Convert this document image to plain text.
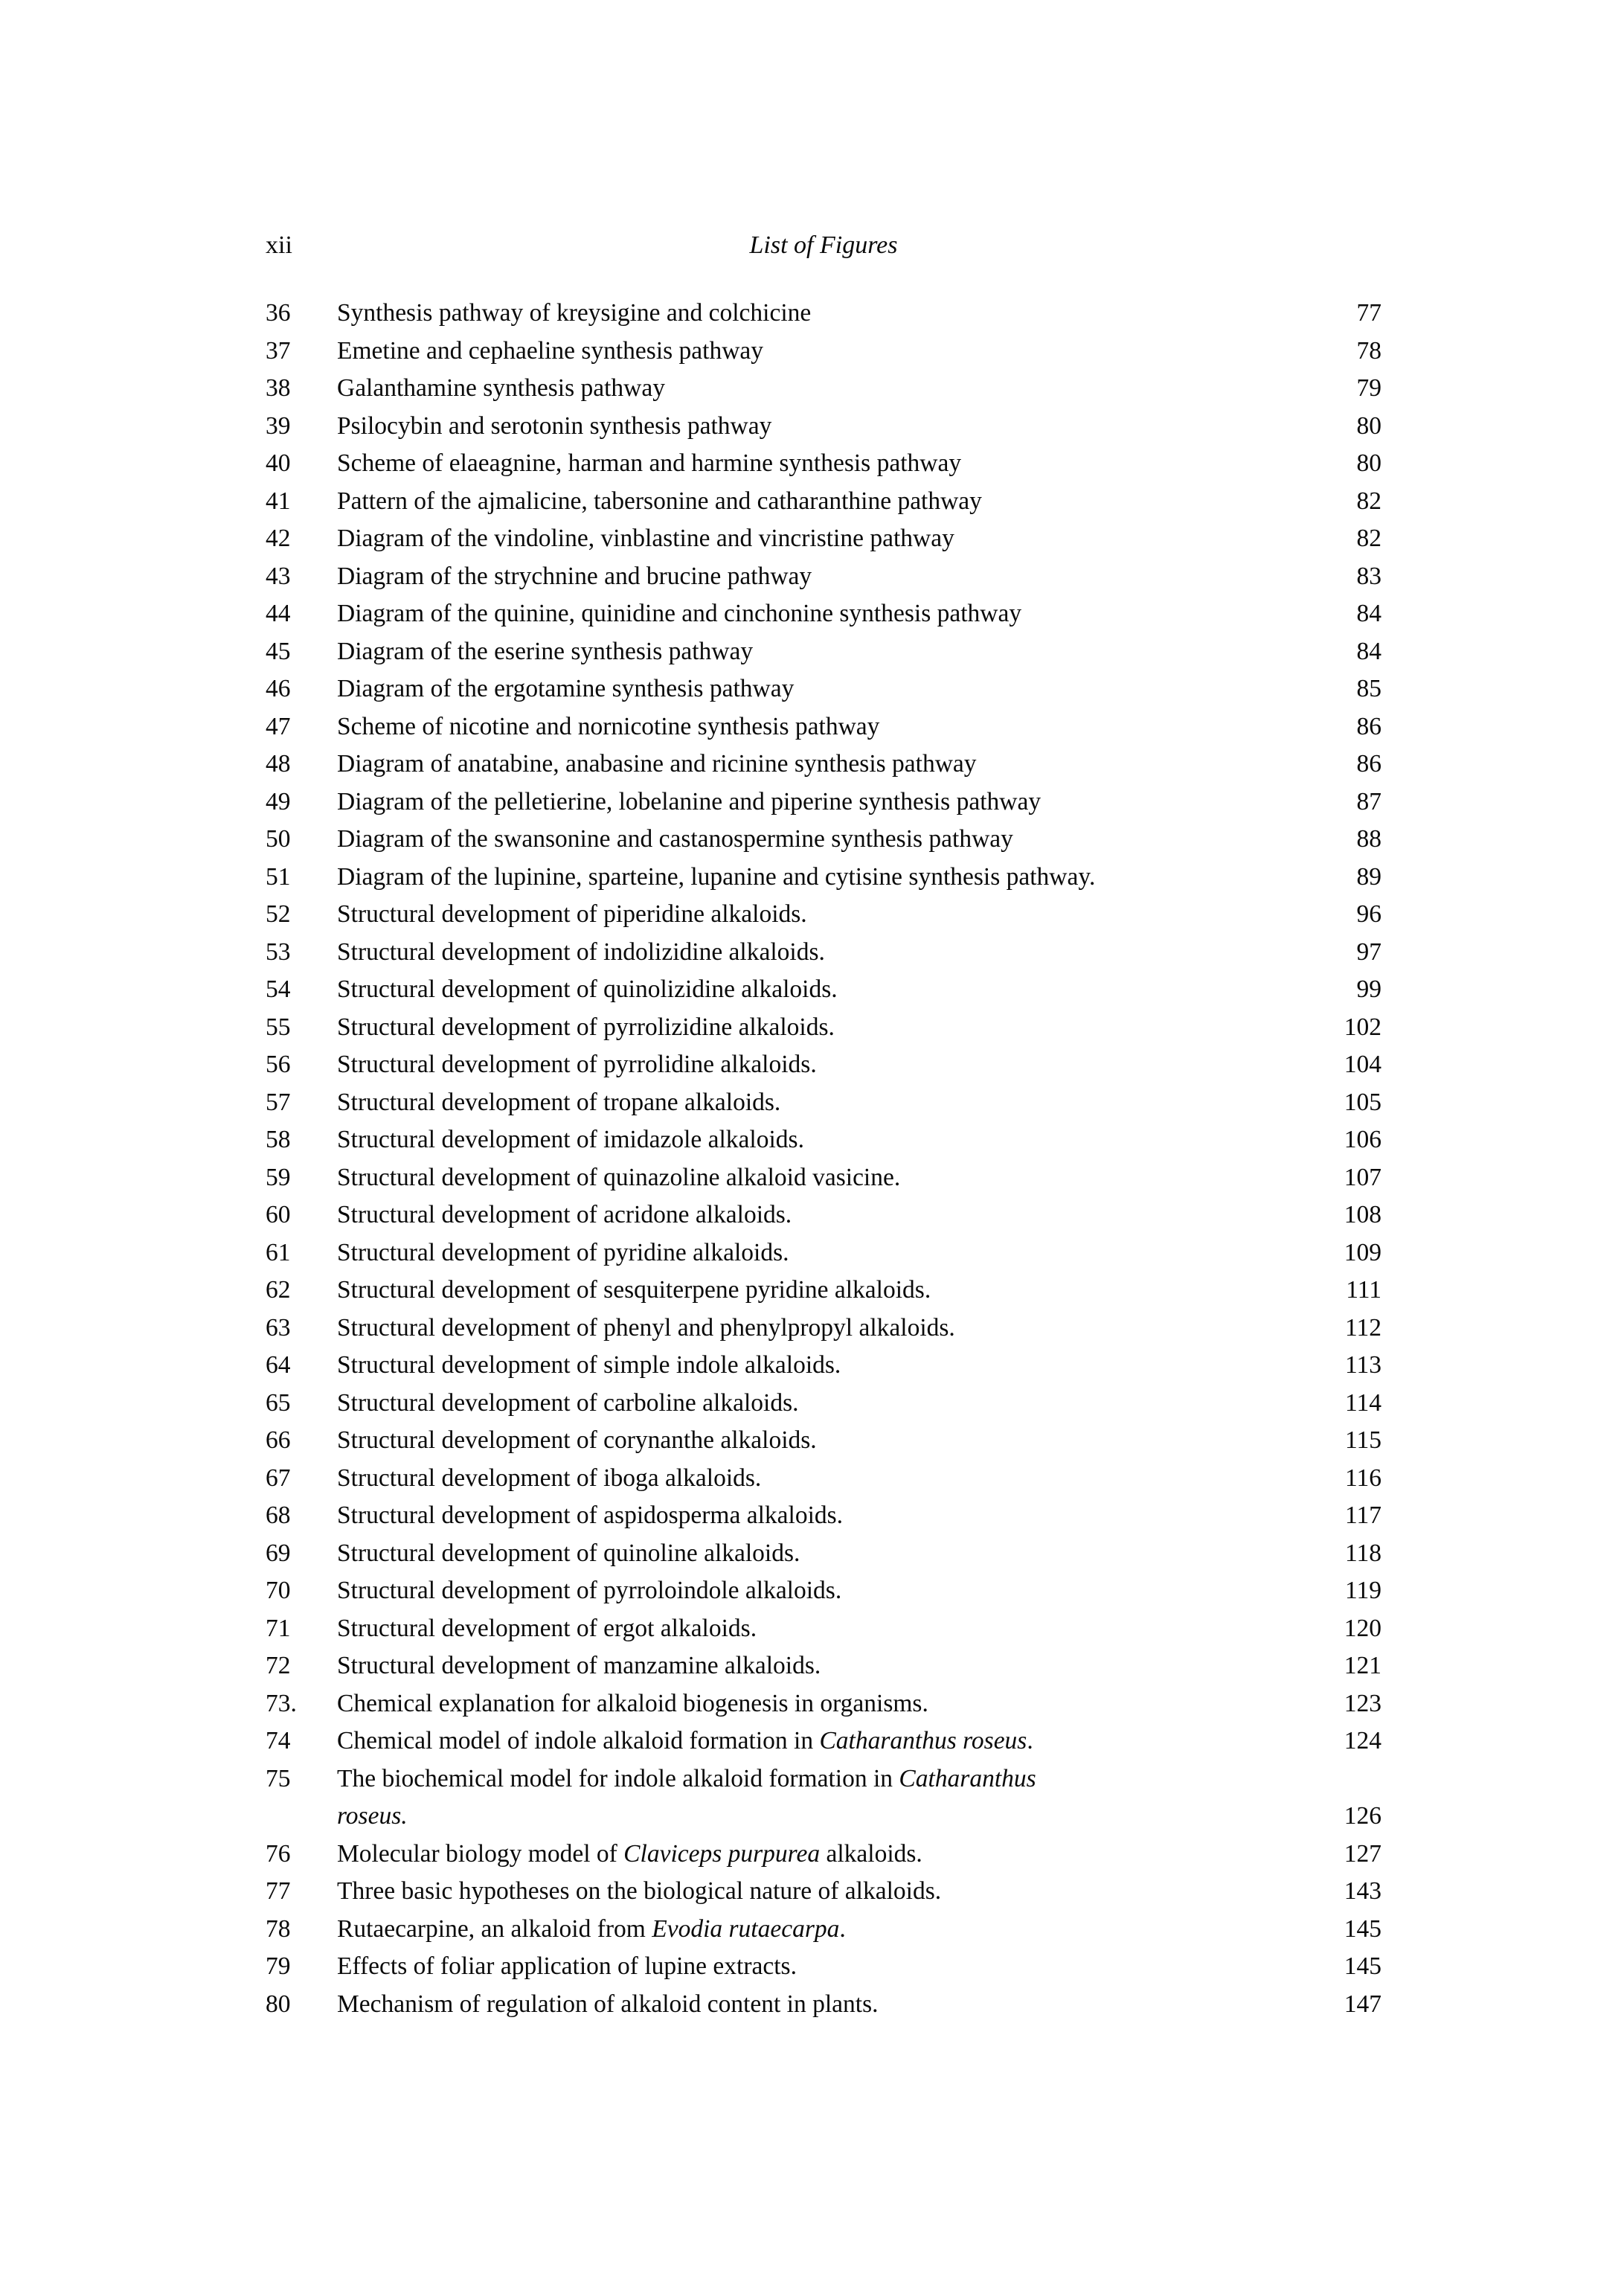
xii	List of Figures
36	Synthesis pathway of kreysigine and colchicine	77
37	Emetine and cephaeline synthesis pathway	78
38	Galanthamine synthesis pathway	79
39	Psilocybin and serotonin synthesis pathway	80
40	Scheme of elaeagnine, harman and harmine synthesis pathway	80
41	Pattern of the ajmalicine, tabersonine and catharanthine pathway	82
42	Diagram of the vindoline, vinblastine and vincristine pathway	82
43	Diagram of the strychnine and brucine pathway	83
44	Diagram of the quinine, quinidine and cinchonine synthesis pathway	84
45	Diagram of the eserine synthesis pathway	84
46	Diagram of the ergotamine synthesis pathway	85
47	Scheme of nicotine and nornicotine synthesis pathway	86
48	Diagram of anatabine, anabasine and ricinine synthesis pathway	86
49	Diagram of the pelletierine, lobelanine and piperine synthesis pathway	87
50	Diagram of the swansonine and castanospermine synthesis pathway	88
51	Diagram of the lupinine, sparteine, lupanine and cytisine synthesis pathway.	89
52	Structural development of piperidine alkaloids.	96
53	Structural development of indolizidine alkaloids.	97
54	Structural development of quinolizidine alkaloids.	99
55	Structural development of pyrrolizidine alkaloids.	102
56	Structural development of pyrrolidine alkaloids.	104
57	Structural development of tropane alkaloids.	105
58	Structural development of imidazole alkaloids.	106
59	Structural development of quinazoline alkaloid vasicine.	107
60	Structural development of acridone alkaloids.	108
61	Structural development of pyridine alkaloids.	109
62	Structural development of sesquiterpene pyridine alkaloids.	111
63	Structural development of phenyl and phenylpropyl alkaloids.	112
64	Structural development of simple indole alkaloids.	113
65	Structural development of carboline alkaloids.	114
66	Structural development of corynanthe alkaloids.	115
67	Structural development of iboga alkaloids.	116
68	Structural development of aspidosperma alkaloids.	117
69	Structural development of quinoline alkaloids.	118
70	Structural development of pyrroloindole alkaloids.	119
71	Structural development of ergot alkaloids.	120
72	Structural development of manzamine alkaloids.	121
73.	Chemical explanation for alkaloid biogenesis in organisms.	123
74	Chemical model of indole alkaloid formation in Catharanthus roseus.	124
75	The biochemical model for indole alkaloid formation in Catharanthus
roseus.	126
76	Molecular biology model of Claviceps purpurea alkaloids.	127
77	Three basic hypotheses on the biological nature of alkaloids.	143
78	Rutaecarpine, an alkaloid from Evodia rutaecarpa.	145
79	Effects of foliar application of lupine extracts.	145
80	Mechanism of regulation of alkaloid content in plants.	147
